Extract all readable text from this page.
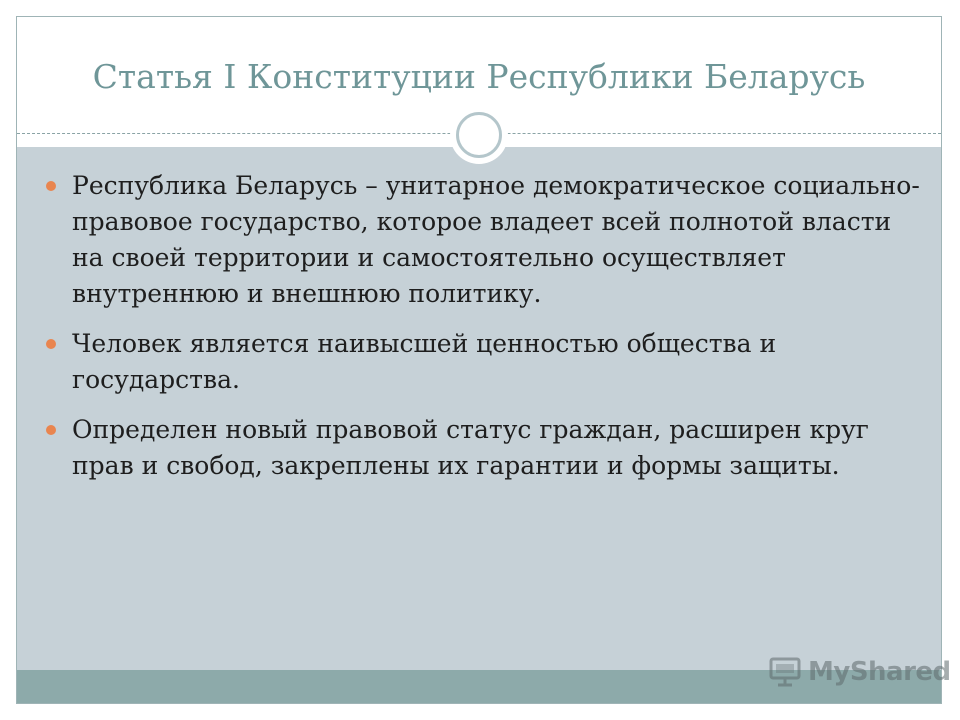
Статья I Конституции Республики Беларусь
Республика Беларусь – унитарное демократическое социально-правовое государство, которое владеет всей полнотой власти на своей территории и самостоятельно осуществляет внутреннюю и внешнюю политику.
Человек является наивысшей ценностью общества и государства.
Определен новый правовой статус граждан, расширен круг прав и свобод, закреплены их гарантии и формы защиты.
MyShared
